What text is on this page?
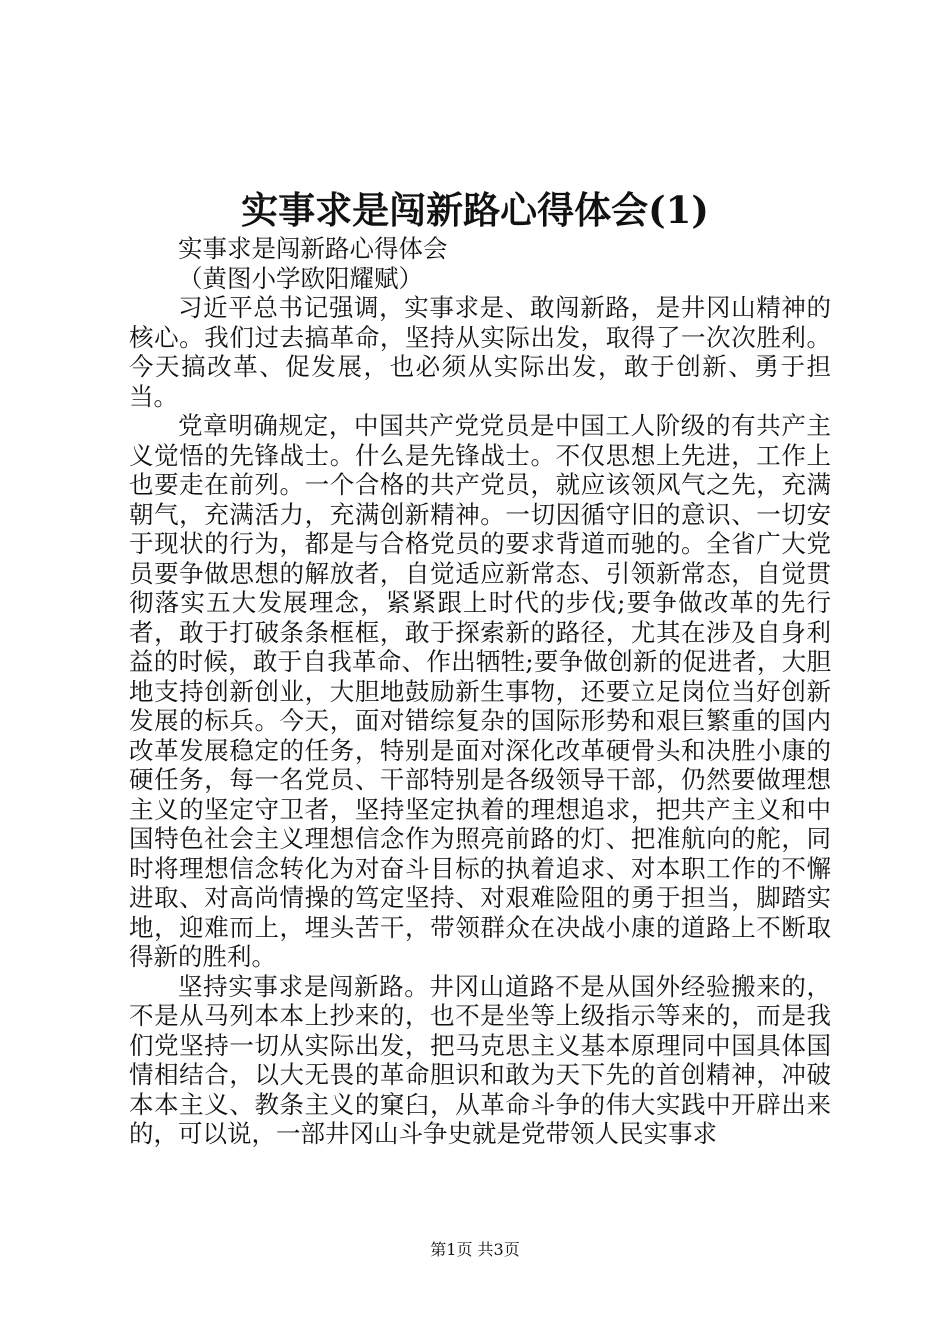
实事求是闯新路心得体会(1)

实事求是闯新路心得体会

（黄图小学欧阳耀赋）

习近平总书记强调，实事求是、敢闯新路，是井冈山精神的核心。我们过去搞革命，坚持从实际出发，取得了一次次胜利。今天搞改革、促发展，也必须从实际出发，敢于创新、勇于担当。

党章明确规定，中国共产党党员是中国工人阶级的有共产主义觉悟的先锋战士。什么是先锋战士。不仅思想上先进，工作上也要走在前列。一个合格的共产党员，就应该领风气之先，充满朝气，充满活力，充满创新精神。一切因循守旧的意识、一切安于现状的行为，都是与合格党员的要求背道而驰的。全省广大党员要争做思想的解放者，自觉适应新常态、引领新常态，自觉贯彻落实五大发展理念，紧紧跟上时代的步伐;要争做改革的先行者，敢于打破条条框框，敢于探索新的路径，尤其在涉及自身利益的时候，敢于自我革命、作出牺牲;要争做创新的促进者，大胆地支持创新创业，大胆地鼓励新生事物，还要立足岗位当好创新发展的标兵。今天，面对错综复杂的国际形势和艰巨繁重的国内改革发展稳定的任务，特别是面对深化改革硬骨头和决胜小康的硬任务，每一名党员、干部特别是各级领导干部，仍然要做理想主义的坚定守卫者，坚持坚定执着的理想追求，把共产主义和中国特色社会主义理想信念作为照亮前路的灯、把准航向的舵，同时将理想信念转化为对奋斗目标的执着追求、对本职工作的不懈进取、对高尚情操的笃定坚持、对艰难险阻的勇于担当，脚踏实地，迎难而上，埋头苦干，带领群众在决战小康的道路上不断取得新的胜利。

坚持实事求是闯新路。井冈山道路不是从国外经验搬来的，不是从马列本本上抄来的，也不是坐等上级指示等来的，而是我们党坚持一切从实际出发，把马克思主义基本原理同中国具体国情相结合，以大无畏的革命胆识和敢为天下先的首创精神，冲破本本主义、教条主义的窠臼，从革命斗争的伟大实践中开辟出来的，可以说，一部井冈山斗争史就是党带领人民实事求

第1页 共3页
